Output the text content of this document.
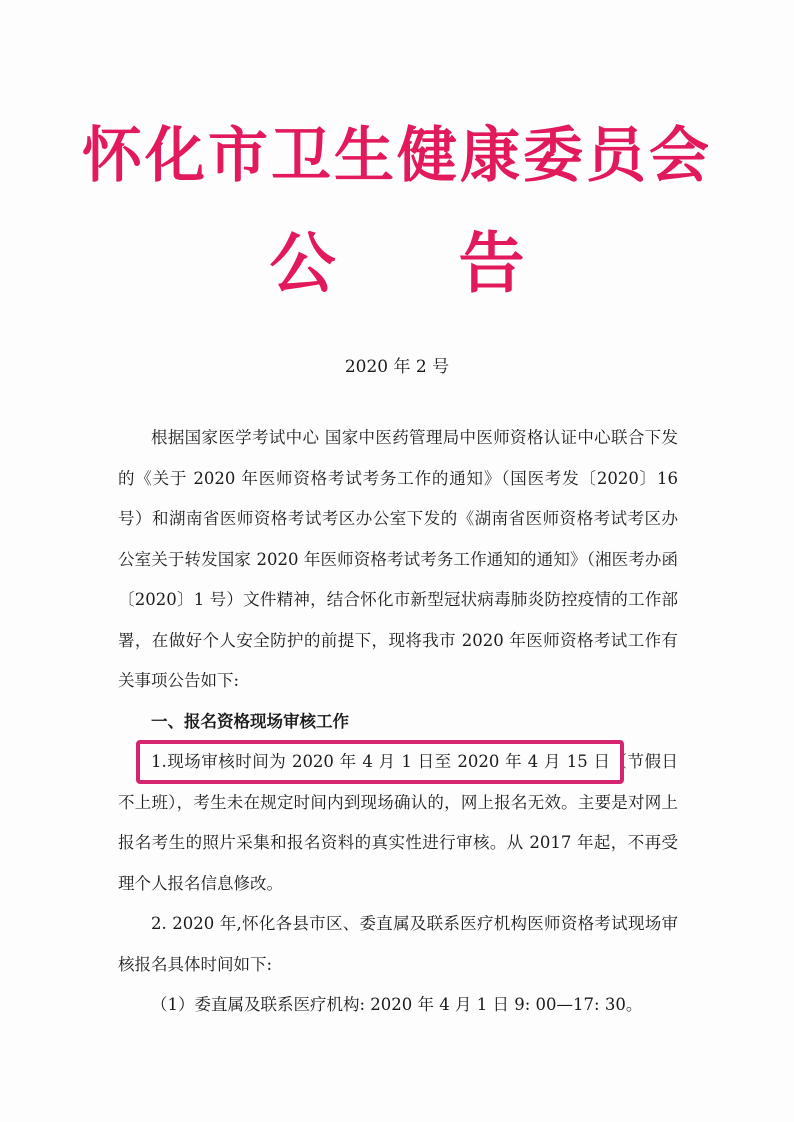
怀化市卫生健康委员会
公 告
2020 年 2 号

根据国家医学考试中心 国家中医药管理局中医师资格认证中心联合下发的《关于 2020 年医师资格考试考务工作的通知》（国医考发〔2020〕16 号）和湖南省医师资格考试考区办公室下发的《湖南省医师资格考试考区办公室关于转发国家 2020 年医师资格考试考务工作通知的通知》（湘医考办函〔2020〕1 号）文件精神，结合怀化市新型冠状病毒肺炎防控疫情的工作部署，在做好个人安全防护的前提下，现将我市 2020 年医师资格考试工作有关事项公告如下:

一、报名资格现场审核工作

1.现场审核时间为 2020 年 4 月 1 日至 2020 年 4 月 15 日（节假日不上班），考生未在规定时间内到现场确认的，网上报名无效。主要是对网上报名考生的照片采集和报名资料的真实性进行审核。从 2017 年起，不再受理个人报名信息修改。

2. 2020 年,怀化各县市区、委直属及联系医疗机构医师资格考试现场审核报名具体时间如下:

（1）委直属及联系医疗机构: 2020 年 4 月 1 日 9: 00—17: 30。
